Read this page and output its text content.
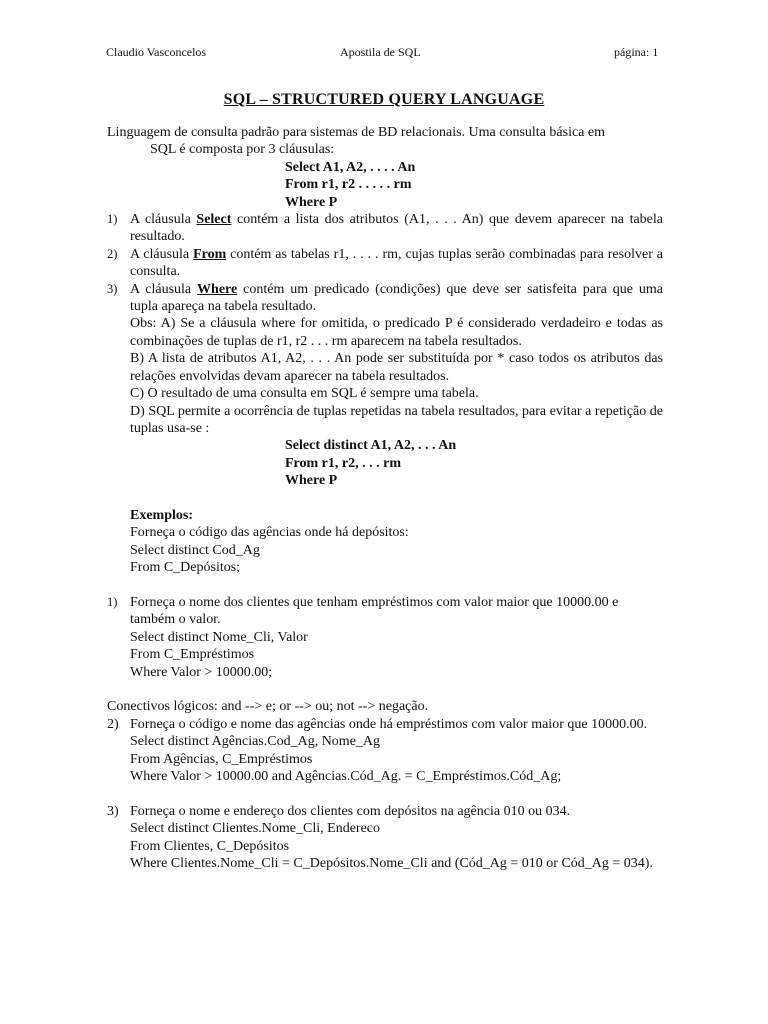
Claudio Vasconcelos	Apostila de SQL	página: 1
SQL – STRUCTURED QUERY LANGUAGE

Linguagem de consulta padrão para sistemas de BD relacionais. Uma consulta básica em

SQL é composta por 3 cláusulas:

Select A1, A2, . . . . An

From r1, r2 . . . . . rm

Where P

1) A cláusula Select contém a lista dos atributos (A1, . . . An) que devem aparecer na tabela resultado.
2) A cláusula From contém as tabelas r1, . . . . rm, cujas tuplas serão combinadas para resolver a consulta.
3) A cláusula Where contém um predicado (condições) que deve ser satisfeita para que uma tupla apareça na tabela resultado.

Obs: A) Se a cláusula where for omitida, o predicado P é considerado verdadeiro e todas as combinações de tuplas de r1, r2 . . . rm aparecem na tabela resultados.

B) A lista de atributos A1, A2, . . . An pode ser substituída por * caso todos os atributos das relações envolvidas devam aparecer na tabela resultados.

C) O resultado de uma consulta em SQL é sempre uma tabela.

D) SQL permite a ocorrência de tuplas repetidas na tabela resultados, para evitar a repetição de tuplas usa-se :

Select distinct A1, A2, . . . An

From r1, r2, . . . rm

Where P

Exemplos:

Forneça o código das agências onde há depósitos:

Select distinct Cod_Ag

From C_Depósitos;

1) Forneça o nome dos clientes que tenham empréstimos com valor maior que 10000.00 e também o valor.
Select distinct Nome_Cli, Valor
From C_Empréstimos
Where Valor > 10000.00;

Conectivos lógicos: and --> e; or --> ou; not --> negação.

2) Forneça o código e nome das agências onde há empréstimos com valor maior que 10000.00.
Select distinct Agências.Cod_Ag, Nome_Ag
From Agências, C_Empréstimos
Where Valor > 10000.00 and Agências.Cód_Ag. = C_Empréstimos.Cód_Ag;
3) Forneça o nome e endereço dos clientes com depósitos na agência 010 ou 034.
Select distinct Clientes.Nome_Cli, Endereco
From Clientes, C_Depósitos
Where Clientes.Nome_Cli = C_Depósitos.Nome_Cli and (Cód_Ag = 010 or Cód_Ag = 034).
